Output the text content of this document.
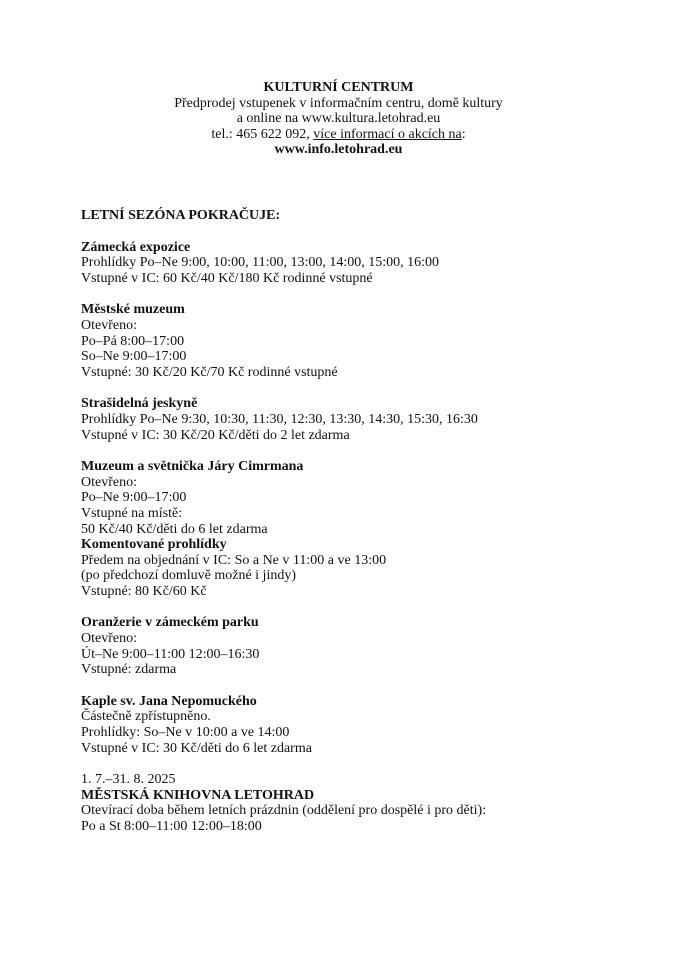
KULTURNÍ CENTRUM
Předprodej vstupenek v informačním centru, domě kultury
a online na www.kultura.letohrad.eu
tel.: 465 622 092, více informací o akcích na:
www.info.letohrad.eu
LETNÍ SEZÓNA POKRAČUJE:
Zámecká expozice
Prohlídky Po–Ne 9:00, 10:00, 11:00, 13:00, 14:00, 15:00, 16:00
Vstupné v IC: 60 Kč/40 Kč/180 Kč rodinné vstupné
Městské muzeum
Otevřeno:
Po–Pá 8:00–17:00
So–Ne 9:00–17:00
Vstupné: 30 Kč/20 Kč/70 Kč rodinné vstupné
Strašidelná jeskyně
Prohlídky Po–Ne 9:30, 10:30, 11:30, 12:30, 13:30, 14:30, 15:30, 16:30
Vstupné v IC: 30 Kč/20 Kč/děti do 2 let zdarma
Muzeum a světnička Járy Cimrmana
Otevřeno:
Po–Ne 9:00–17:00
Vstupné na místě:
50 Kč/40 Kč/děti do 6 let zdarma
Komentované prohlídky
Předem na objednání v IC: So a Ne v 11:00 a ve 13:00
(po předchozí domluvě možné i jindy)
Vstupné: 80 Kč/60 Kč
Oranžerie v zámeckém parku
Otevřeno:
Út–Ne 9:00–11:00 12:00–16:30
Vstupné: zdarma
Kaple sv. Jana Nepomuckého
Částečně zpřístupněno.
Prohlídky: So–Ne v 10:00 a ve 14:00
Vstupné v IC: 30 Kč/děti do 6 let zdarma
1. 7.–31. 8. 2025
MĚSTSKÁ KNIHOVNA LETOHRAD
Otevírací doba během letních prázdnin (oddělení pro dospělé i pro děti):
Po a St 8:00–11:00 12:00–18:00
